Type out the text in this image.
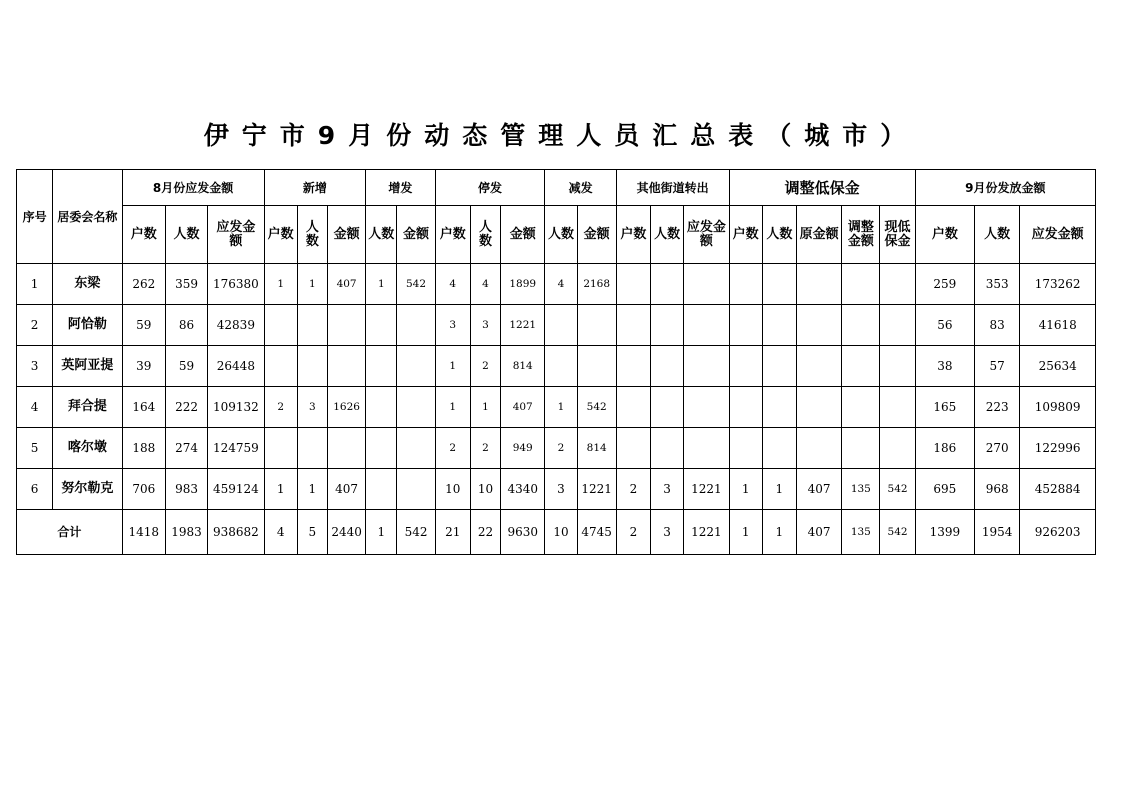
伊宁市9月份动态管理人员汇总表（城市）
序号	居委会名称	8月份应发金额			新增			增发		停发			减发		其他街道转出			调整低保金					9月份发放金额		
		户数	人数	应发金额	户数	人数	金额	人数	金额	户数	人数	金额	人数	金额	户数	人数	应发金额	户数	人数	原金额	调整金额	现低保金	户数	人数	应发金额
1	东梁	262	359	176380	1	1	407	1	542	4	4	1899	4	2168									259	353	173262
2	阿恰勒	59	86	42839						3	3	1221											56	83	41618
3	英阿亚提	39	59	26448						1	2	814											38	57	25634
4	拜合提	164	222	109132	2	3	1626			1	1	407	1	542									165	223	109809
5	喀尔墩	188	274	124759						2	2	949	2	814									186	270	122996
6	努尔勒克	706	983	459124	1	1	407			10	10	4340	3	1221	2	3	1221	1	1	407	135	542	695	968	452884
合计		1418	1983	938682	4	5	2440	1	542	21	22	9630	10	4745	2	3	1221	1	1	407	135	542	1399	1954	926203
